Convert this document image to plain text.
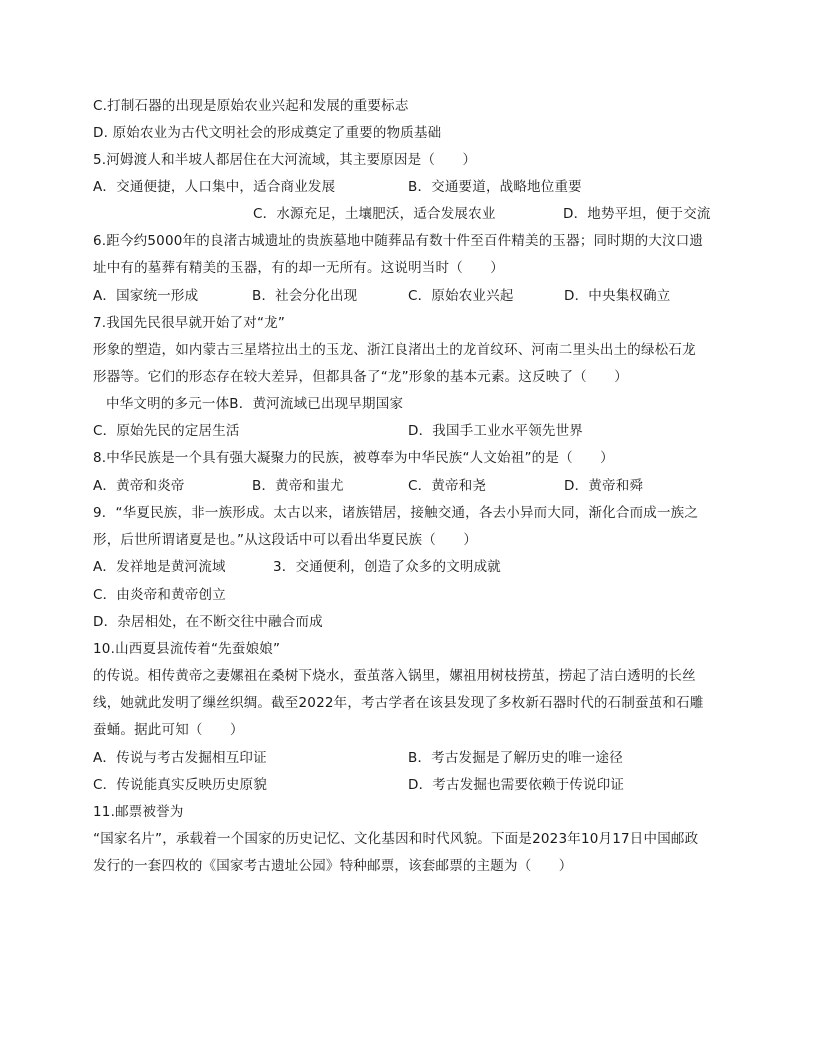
C.打制石器的出现是原始农业兴起和发展的重要标志
D. 原始农业为古代文明社会的形成奠定了重要的物质基础
5.河姆渡人和半坡人都居住在大河流域，其主要原因是（　　）
A．交通便捷，人口集中，适合商业发展	B．交通要道，战略地位重要
C．水源充足，土壤肥沃，适合发展农业	D．地势平坦，便于交流
6.距今约5000年的良渚古城遗址的贵族墓地中随葬品有数十件至百件精美的玉器；同时期的大汶口遗
址中有的墓葬有精美的玉器，有的却一无所有。这说明当时（　　）
A．国家统一形成	B．社会分化出现	C．原始农业兴起	D．中央集权确立
7.我国先民很早就开始了对“龙”
形象的塑造，如内蒙古三星塔拉出土的玉龙、浙江良渚出土的龙首纹环、河南二里头出土的绿松石龙
形器等。它们的形态存在较大差异，但都具备了“龙”形象的基本元素。这反映了（　　）
中华文明的多元一体B．黄河流域已出现早期国家
C．原始先民的定居生活	D．我国手工业水平领先世界
8.中华民族是一个具有强大凝聚力的民族，被尊奉为中华民族“人文始祖”的是（　　）
A．黄帝和炎帝	B．黄帝和蚩尤	C．黄帝和尧	D．黄帝和舜
9．“华夏民族，非一族形成。太古以来，诸族错居，接触交通，各去小异而大同，渐化合而成一族之
形，后世所谓诸夏是也。”从这段话中可以看出华夏民族（　　）
A．发祥地是黄河流域	3．交通便利，创造了众多的文明成就
C．由炎帝和黄帝创立
D．杂居相处，在不断交往中融合而成
10.山西夏县流传着“先蚕娘娘”
的传说。相传黄帝之妻嫘祖在桑树下烧水，蚕茧落入锅里，嫘祖用树枝捞茧，捞起了洁白透明的长丝
线，她就此发明了缫丝织绸。截至2022年，考古学者在该县发现了多枚新石器时代的石制蚕茧和石雕
蚕蛹。据此可知（　　）
A．传说与考古发掘相互印证	B．考古发掘是了解历史的唯一途径
C．传说能真实反映历史原貌	D．考古发掘也需要依赖于传说印证
11.邮票被誉为
“国家名片”，承载着一个国家的历史记忆、文化基因和时代风貌。下面是2023年10月17日中国邮政
发行的一套四枚的《国家考古遗址公园》特种邮票，该套邮票的主题为（　　）
